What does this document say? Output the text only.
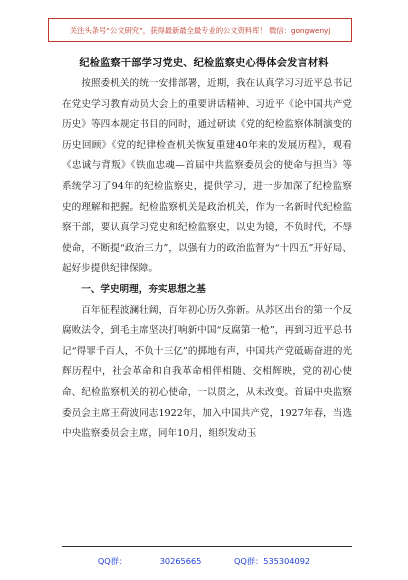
关注头条号“公文研究”，获得最新最全最专业的公文资料库！ 微信：gongwenyj
纪检监察干部学习党史、纪检监察史心得体会发言材料

按照委机关的统一安排部署，近期，我在认真学习习近平总书记在党史学习教育动员大会上的重要讲话精神、习近平《论中国共产党历史》等四本规定书目的同时，通过研读《党的纪检监察体制演变的历史回顾》《党的纪律检查机关恢复重建40年来的发展历程》，观看《忠诚与背叛》《铁血忠魂—首届中共监察委员会的使命与担当》等系统学习了94年的纪检监察史，提供学习，进一步加深了纪检监察史的理解和把握。纪检监察机关是政治机关，作为一名新时代纪检监察干部，要认真学习党史和纪检监察史，以史为镜，不负时代，不辱使命，不断提“政治三力”，以强有力的政治监督为“十四五”开好局、起好步提供纪律保障。

一、学史明理，夯实思想之基

百年征程波澜壮阔，百年初心历久弥新。从苏区出台的第一个反腐败法令，到毛主席坚决打响新中国“反腐第一枪”，再到习近平总书记“得罪千百人，不负十三亿”的掷地有声，中国共产党砥砺奋进的光辉历程中，社会革命和自我革命相伴相随、交相辉映，党的初心使命、纪检监察机关的初心使命，一以贯之，从未改变。首届中央监察委员会主席王荷波同志1922年，加入中国共产党，1927年春，当选中央监察委员会主席，同年10月，组织发动玉

QQ群： 30265665 QQ群：535304092
